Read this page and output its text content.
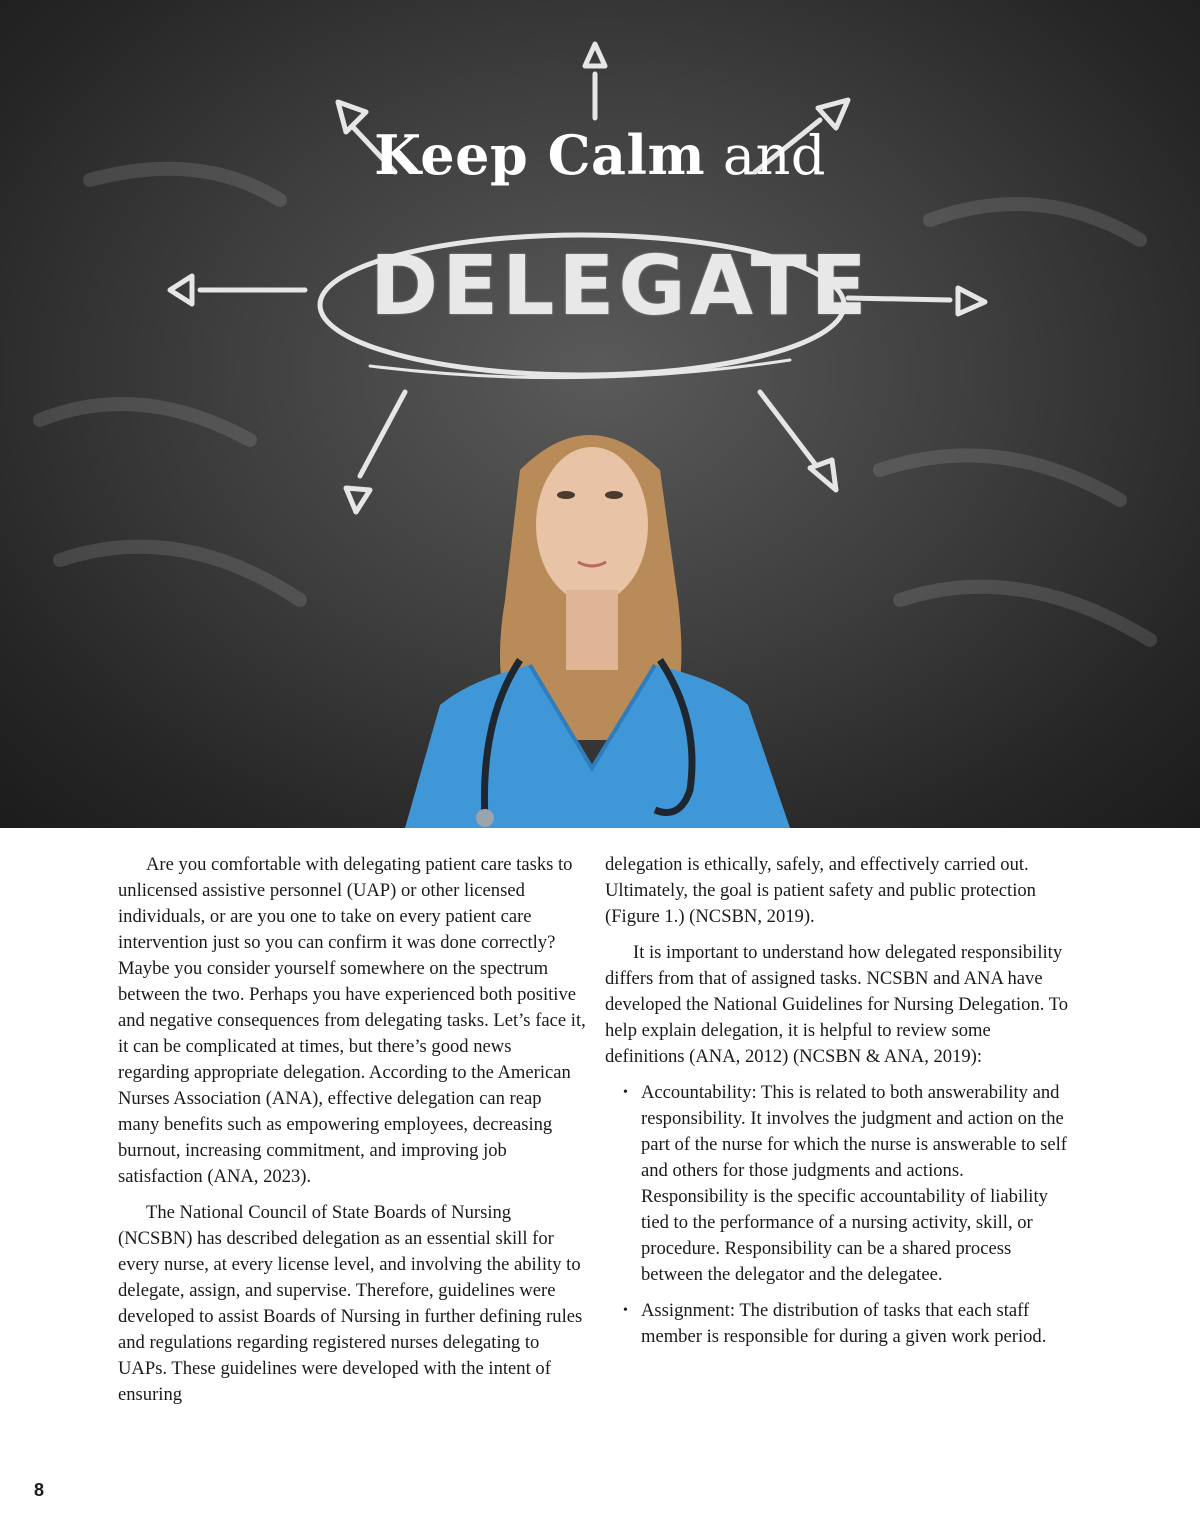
Keep Calm and
DELEGATE

Are you comfortable with delegating patient care tasks to unlicensed assistive personnel (UAP) or other licensed individuals, or are you one to take on every patient care intervention just so you can confirm it was done correctly? Maybe you consider yourself somewhere on the spectrum between the two. Perhaps you have experienced both positive and negative consequences from delegating tasks. Let’s face it, it can be complicated at times, but there’s good news regarding appropriate delegation. According to the American Nurses Association (ANA), effective delegation can reap many benefits such as empowering employees, decreasing burnout, increasing commitment, and improving job satisfaction (ANA, 2023).

The National Council of State Boards of Nursing (NCSBN) has described delegation as an essential skill for every nurse, at every license level, and involving the ability to delegate, assign, and supervise. Therefore, guidelines were developed to assist Boards of Nursing in further defining rules and regulations regarding registered nurses delegating to UAPs. These guidelines were developed with the intent of ensuring

delegation is ethically, safely, and effectively carried out. Ultimately, the goal is patient safety and public protection (Figure 1.) (NCSBN, 2019).

It is important to understand how delegated responsibility differs from that of assigned tasks. NCSBN and ANA have developed the National Guidelines for Nursing Delegation. To help explain delegation, it is helpful to review some definitions (ANA, 2012) (NCSBN & ANA, 2019):

• Accountability: This is related to both answerability and responsibility. It involves the judgment and action on the part of the nurse for which the nurse is answerable to self and others for those judgments and actions. Responsibility is the specific accountability of liability tied to the performance of a nursing activity, skill, or procedure. Responsibility can be a shared process between the delegator and the delegatee.
• Assignment: The distribution of tasks that each staff member is responsible for during a given work period.
8
